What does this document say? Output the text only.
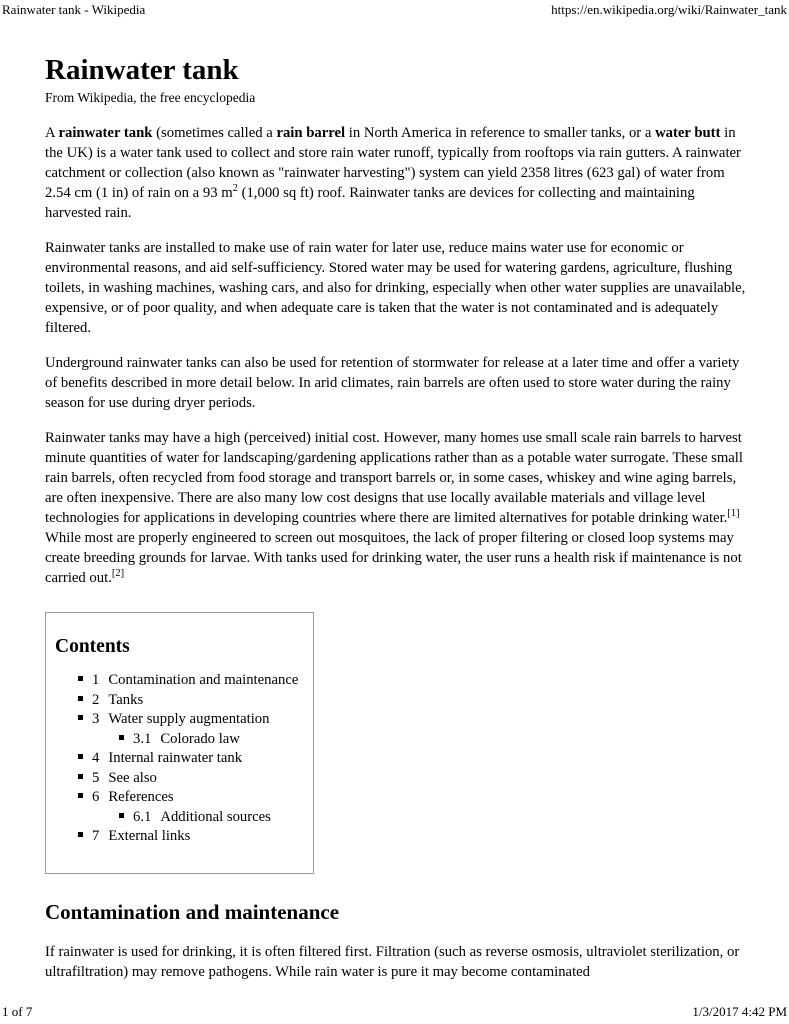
Rainwater tank - Wikipedia	https://en.wikipedia.org/wiki/Rainwater_tank
Rainwater tank

From Wikipedia, the free encyclopedia

A rainwater tank (sometimes called a rain barrel in North America in reference to smaller tanks, or a water butt in the UK) is a water tank used to collect and store rain water runoff, typically from rooftops via rain gutters. A rainwater catchment or collection (also known as "rainwater harvesting") system can yield 2358 litres (623 gal) of water from 2.54 cm (1 in) of rain on a 93 $m^2$ (1,000 sq ft) roof. Rainwater tanks are devices for collecting and maintaining harvested rain.

Rainwater tanks are installed to make use of rain water for later use, reduce mains water use for economic or environmental reasons, and aid self-sufficiency. Stored water may be used for watering gardens, agriculture, flushing toilets, in washing machines, washing cars, and also for drinking, especially when other water supplies are unavailable, expensive, or of poor quality, and when adequate care is taken that the water is not contaminated and is adequately filtered.

Underground rainwater tanks can also be used for retention of stormwater for release at a later time and offer a variety of benefits described in more detail below. In arid climates, rain barrels are often used to store water during the rainy season for use during dryer periods.

Rainwater tanks may have a high (perceived) initial cost. However, many homes use small scale rain barrels to harvest minute quantities of water for landscaping/gardening applications rather than as a potable water surrogate. These small rain barrels, often recycled from food storage and transport barrels or, in some cases, whiskey and wine aging barrels, are often inexpensive. There are also many low cost designs that use locally available materials and village level technologies for applications in developing countries where there are limited alternatives for potable drinking water.[1] While most are properly engineered to screen out mosquitoes, the lack of proper filtering or closed loop systems may create breeding grounds for larvae. With tanks used for drinking water, the user runs a health risk if maintenance is not carried out.[2]

Contents
1 Contamination and maintenance
2 Tanks
3 Water supply augmentation
3.1 Colorado law
4 Internal rainwater tank
5 See also
6 References
6.1 Additional sources
7 External links
Contamination and maintenance

If rainwater is used for drinking, it is often filtered first. Filtration (such as reverse osmosis, ultraviolet sterilization, or ultrafiltration) may remove pathogens. While rain water is pure it may become contaminated

1 of 7	1/3/2017 4:42 PM
